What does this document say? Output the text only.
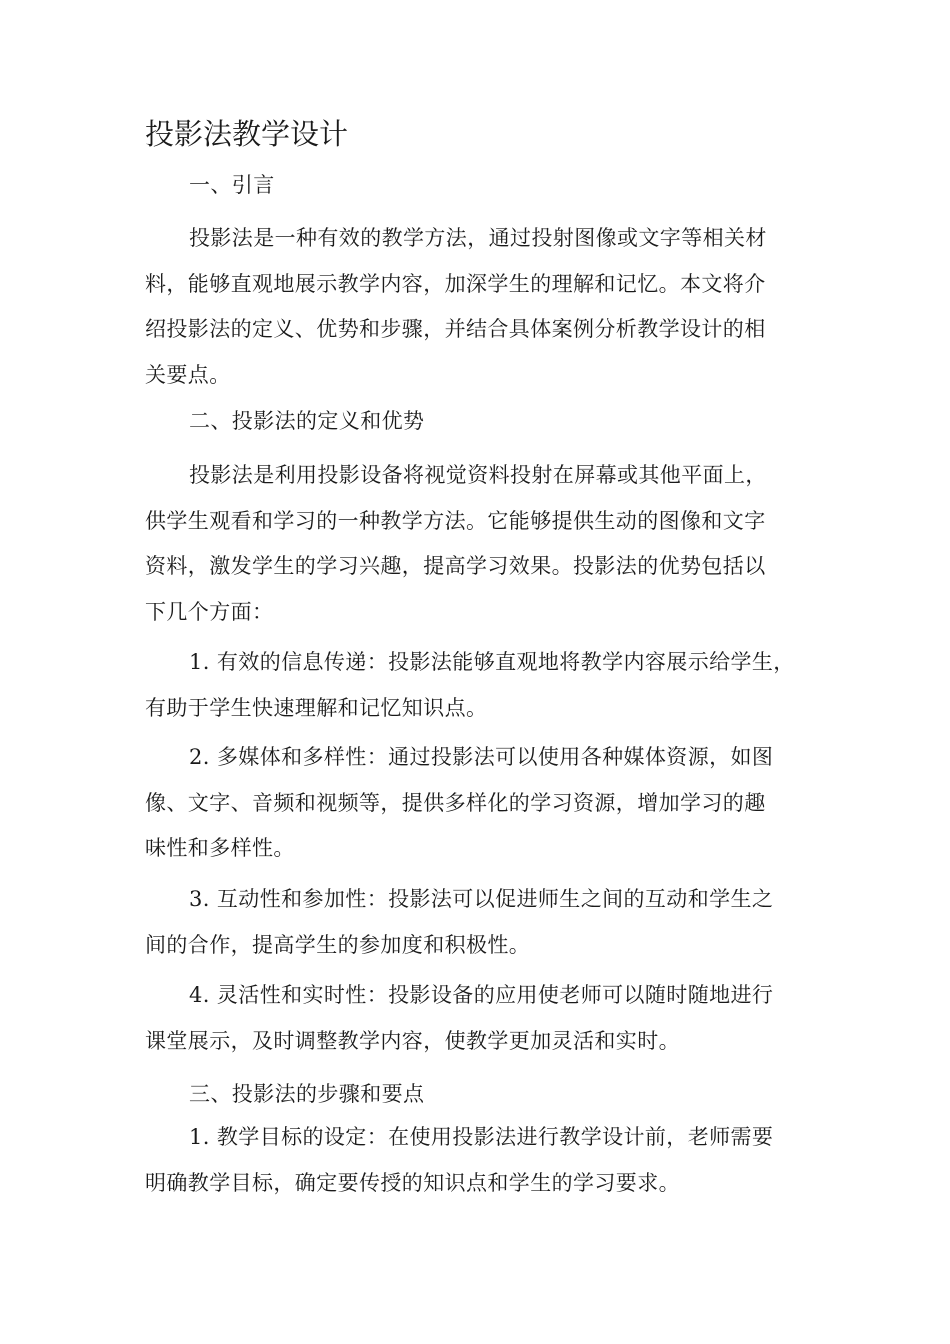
投影法教学设计
一、引言

投影法是一种有效的教学方法，通过投射图像或文字等相关材
料，能够直观地展示教学内容，加深学生的理解和记忆。本文将介
绍投影法的定义、优势和步骤，并结合具体案例分析教学设计的相
关要点。

二、投影法的定义和优势

投影法是利用投影设备将视觉资料投射在屏幕或其他平面上，
供学生观看和学习的一种教学方法。它能够提供生动的图像和文字
资料，激发学生的学习兴趣，提高学习效果。投影法的优势包括以
下几个方面：

1. 有效的信息传递：投影法能够直观地将教学内容展示给学生，
有助于学生快速理解和记忆知识点。

2. 多媒体和多样性：通过投影法可以使用各种媒体资源，如图
像、文字、音频和视频等，提供多样化的学习资源，增加学习的趣
味性和多样性。

3. 互动性和参加性：投影法可以促进师生之间的互动和学生之
间的合作，提高学生的参加度和积极性。

4. 灵活性和实时性：投影设备的应用使老师可以随时随地进行
课堂展示，及时调整教学内容，使教学更加灵活和实时。

三、投影法的步骤和要点

1. 教学目标的设定：在使用投影法进行教学设计前，老师需要
明确教学目标，确定要传授的知识点和学生的学习要求。
